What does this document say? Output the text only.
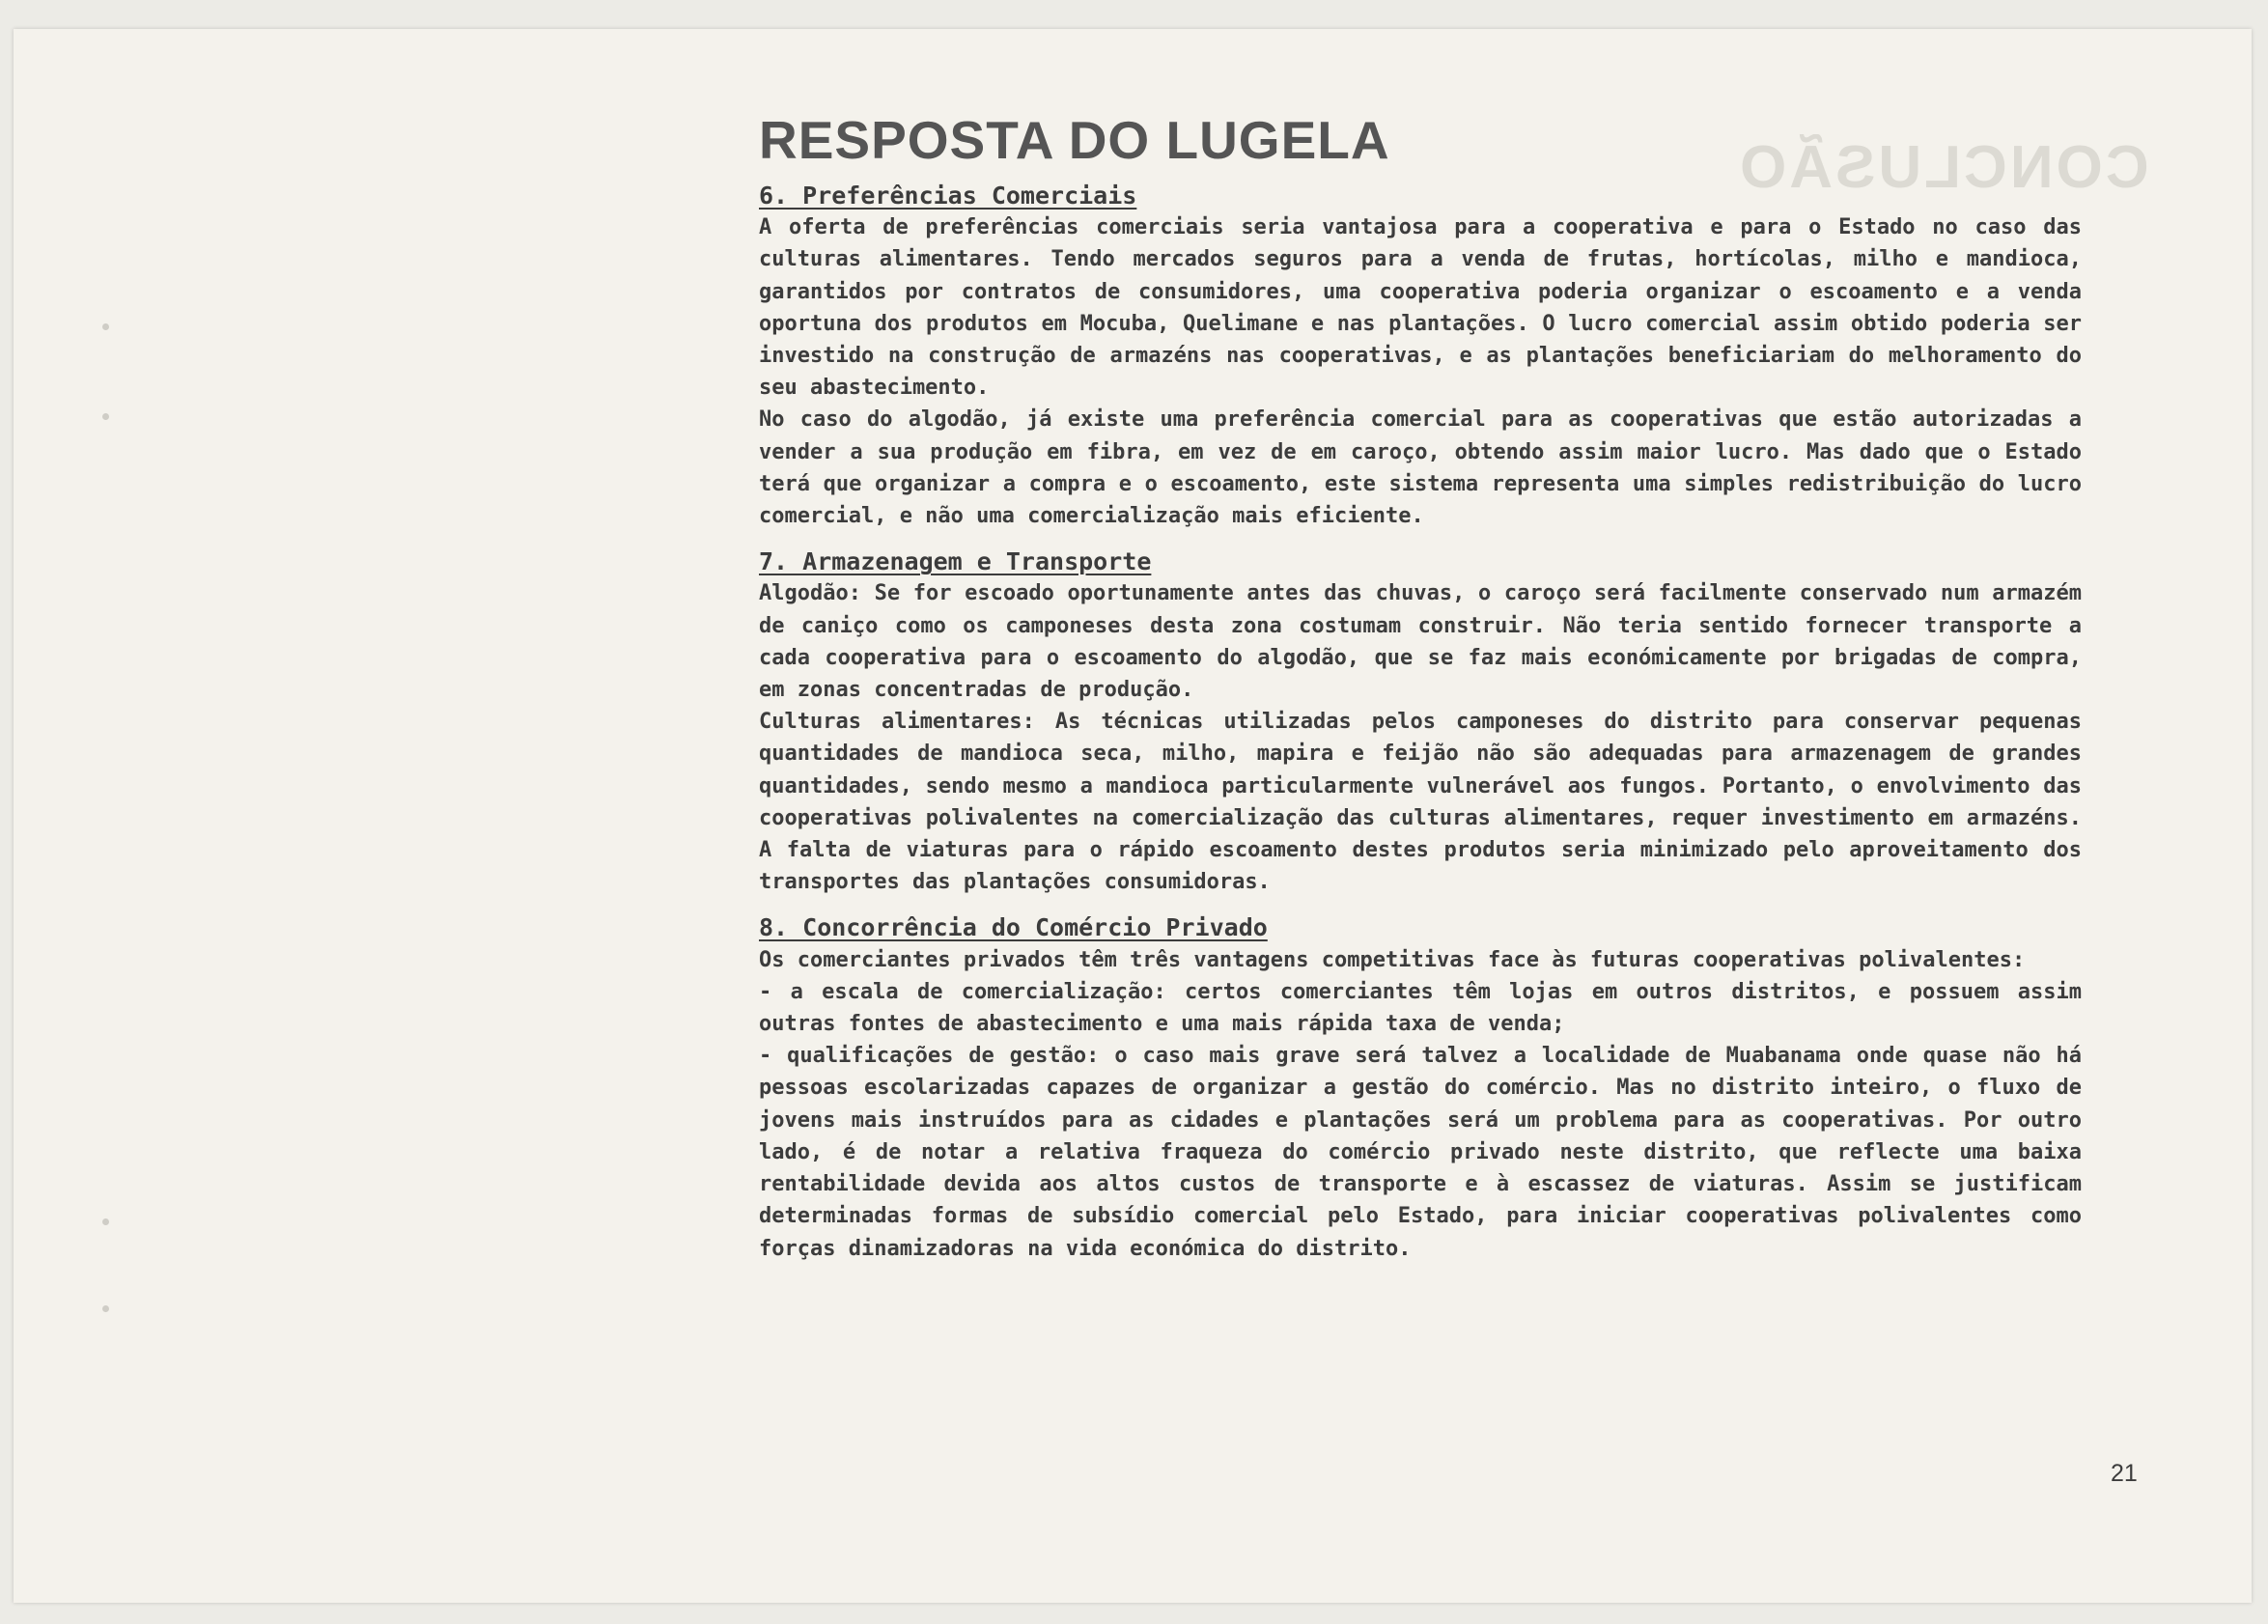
CONCLUSÃO
RESPOSTA DO LUGELA
6. Preferências Comerciais

A oferta de preferências comerciais seria vantajosa para a cooperativa e para o Estado no caso das culturas alimentares. Tendo mercados seguros para a venda de frutas, hortícolas, milho e mandioca, garantidos por contratos de consumidores, uma cooperativa poderia organizar o escoamento e a venda oportuna dos produtos em Mocuba, Quelimane e nas plantações. O lucro comercial assim obtido poderia ser investido na construção de armazéns nas cooperativas, e as plantações beneficiariam do melhoramento do seu abastecimento.

No caso do algodão, já existe uma preferência comercial para as cooperativas que estão autorizadas a vender a sua produção em fibra, em vez de em caroço, obtendo assim maior lucro. Mas dado que o Estado terá que organizar a compra e o escoamento, este sistema representa uma simples redistribuição do lucro comercial, e não uma comercialização mais eficiente.

7. Armazenagem e Transporte

Algodão: Se for escoado oportunamente antes das chuvas, o caroço será facilmente conservado num armazém de caniço como os camponeses desta zona costumam construir. Não teria sentido fornecer transporte a cada cooperativa para o escoamento do algodão, que se faz mais económicamente por brigadas de compra, em zonas concentradas de produção.

Culturas alimentares: As técnicas utilizadas pelos camponeses do distrito para conservar pequenas quantidades de mandioca seca, milho, mapira e feijão não são adequadas para armazenagem de grandes quantidades, sendo mesmo a mandioca particularmente vulnerável aos fungos. Portanto, o envolvimento das cooperativas polivalentes na comercialização das culturas alimentares, requer investimento em armazéns. A falta de viaturas para o rápido escoamento destes produtos seria minimizado pelo aproveitamento dos transportes das plantações consumidoras.

8. Concorrência do Comércio Privado

Os comerciantes privados têm três vantagens competitivas face às futuras cooperativas polivalentes:

- a escala de comercialização: certos comerciantes têm lojas em outros distritos, e possuem assim outras fontes de abastecimento e uma mais rápida taxa de venda;

- qualificações de gestão: o caso mais grave será talvez a localidade de Muabanama onde quase não há pessoas escolarizadas capazes de organizar a gestão do comércio. Mas no distrito inteiro, o fluxo de jovens mais instruídos para as cidades e plantações será um problema para as cooperativas. Por outro lado, é de notar a relativa fraqueza do comércio privado neste distrito, que reflecte uma baixa rentabilidade devida aos altos custos de transporte e à escassez de viaturas. Assim se justificam determinadas formas de subsídio comercial pelo Estado, para iniciar cooperativas polivalentes como forças dinamizadoras na vida económica do distrito.

21
